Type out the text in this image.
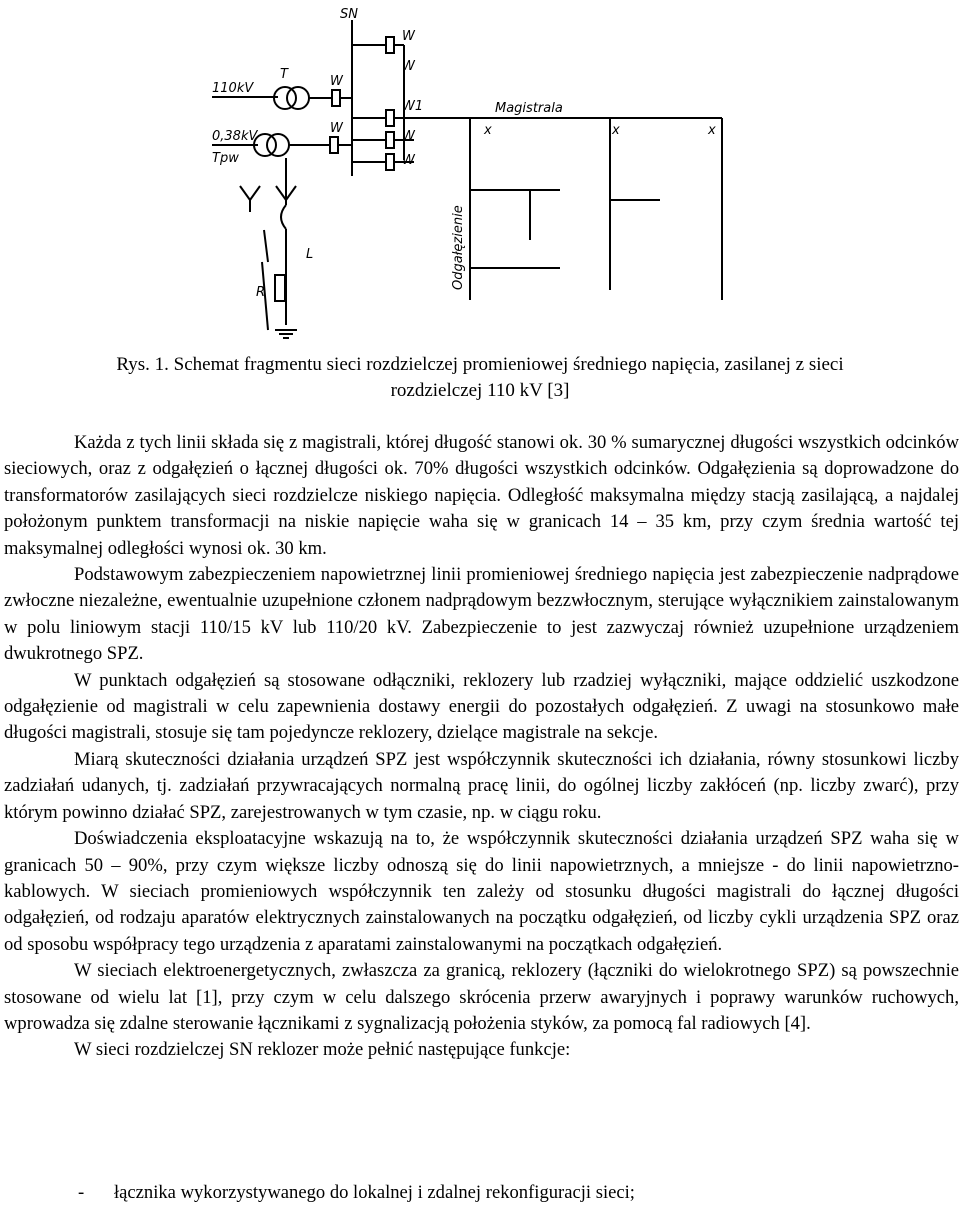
SN
110kV
T
0,38kV
Tpw
W
W
W
W
W1
W
W
Magistrala
x	x	x
Odgałęzienie
L
R
Rys. 1. Schemat fragmentu sieci rozdzielczej promieniowej średniego napięcia, zasilanej z sieci
rozdzielczej 110 kV [3]

Każda z tych linii składa się z magistrali, której długość stanowi ok. 30 % sumarycznej długości wszystkich odcinków sieciowych, oraz z odgałęzień o łącznej długości ok. 70% długości wszystkich odcinków. Odgałęzienia są doprowadzone do transformatorów zasilających sieci rozdzielcze niskiego napięcia. Odległość maksymalna między stacją zasilającą, a najdalej położonym punktem transformacji na niskie napięcie waha się w granicach 14 – 35 km, przy czym średnia wartość tej maksymalnej odległości wynosi ok. 30 km.

Podstawowym zabezpieczeniem napowietrznej linii promieniowej średniego napięcia jest zabezpieczenie nadprądowe zwłoczne niezależne, ewentualnie uzupełnione członem nadprądowym bezzwłocznym, sterujące wyłącznikiem zainstalowanym w polu liniowym stacji 110/15 kV lub 110/20 kV. Zabezpieczenie to jest zazwyczaj również uzupełnione urządzeniem dwukrotnego SPZ.

W punktach odgałęzień są stosowane odłączniki, reklozery lub rzadziej wyłączniki, mające oddzielić uszkodzone odgałęzienie od magistrali w celu zapewnienia dostawy energii do pozostałych odgałęzień. Z uwagi na stosunkowo małe długości magistrali, stosuje się tam pojedyncze reklozery, dzielące magistrale na sekcje.

Miarą skuteczności działania urządzeń SPZ jest współczynnik skuteczności ich działania, równy stosunkowi liczby zadziałań udanych, tj. zadziałań przywracających normalną pracę linii, do ogólnej liczby zakłóceń (np. liczby zwarć), przy którym powinno działać SPZ, zarejestrowanych w tym czasie, np. w ciągu roku.

Doświadczenia eksploatacyjne wskazują na to, że współczynnik skuteczności działania urządzeń SPZ waha się w granicach 50 – 90%, przy czym większe liczby odnoszą się do linii napowietrznych, a mniejsze - do linii napowietrzno-kablowych. W sieciach promieniowych współczynnik ten zależy od stosunku długości magistrali do łącznej długości odgałęzień, od rodzaju aparatów elektrycznych zainstalowanych na początku odgałęzień, od liczby cykli urządzenia SPZ oraz od sposobu współpracy tego urządzenia z aparatami zainstalowanymi na początkach odgałęzień.

W sieciach elektroenergetycznych, zwłaszcza za granicą, reklozery (łączniki do wielokrotnego SPZ) są powszechnie stosowane od wielu lat [1], przy czym w celu dalszego skrócenia przerw awaryjnych i poprawy warunków ruchowych, wprowadza się zdalne sterowanie łącznikami z sygnalizacją położenia styków, za pomocą fal radiowych [4].

W sieci rozdzielczej SN reklozer może pełnić następujące funkcje:

- łącznika wykorzystywanego do lokalnej i zdalnej rekonfiguracji sieci;
